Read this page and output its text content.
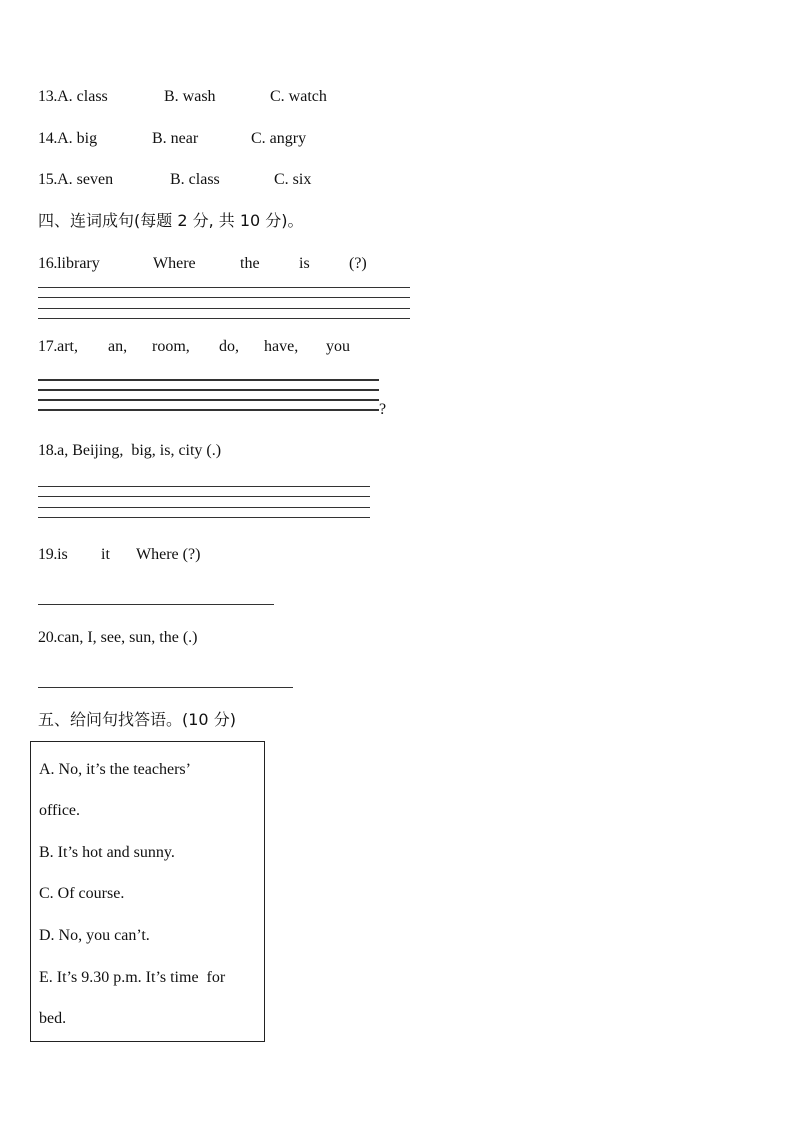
13.A. class	B. wash	C. watch
14.A. big	B. near	C. angry
15.A. seven	B. class	C. six
四、连词成句(每题 2 分, 共 10 分)。
16.library	Where	the is (?)
17.art, an, room, do, have, you
?
18.a, Beijing,  big, is, city (.)
19.is it Where (?)
20.can, I, see, sun, the (.)
五、给问句找答语。(10 分)
A. No, it’s the teachers’
office.
B. It’s hot and sunny.
C. Of course.
D. No, you can’t.
E. It’s 9.30 p.m. It’s time  for
bed.
